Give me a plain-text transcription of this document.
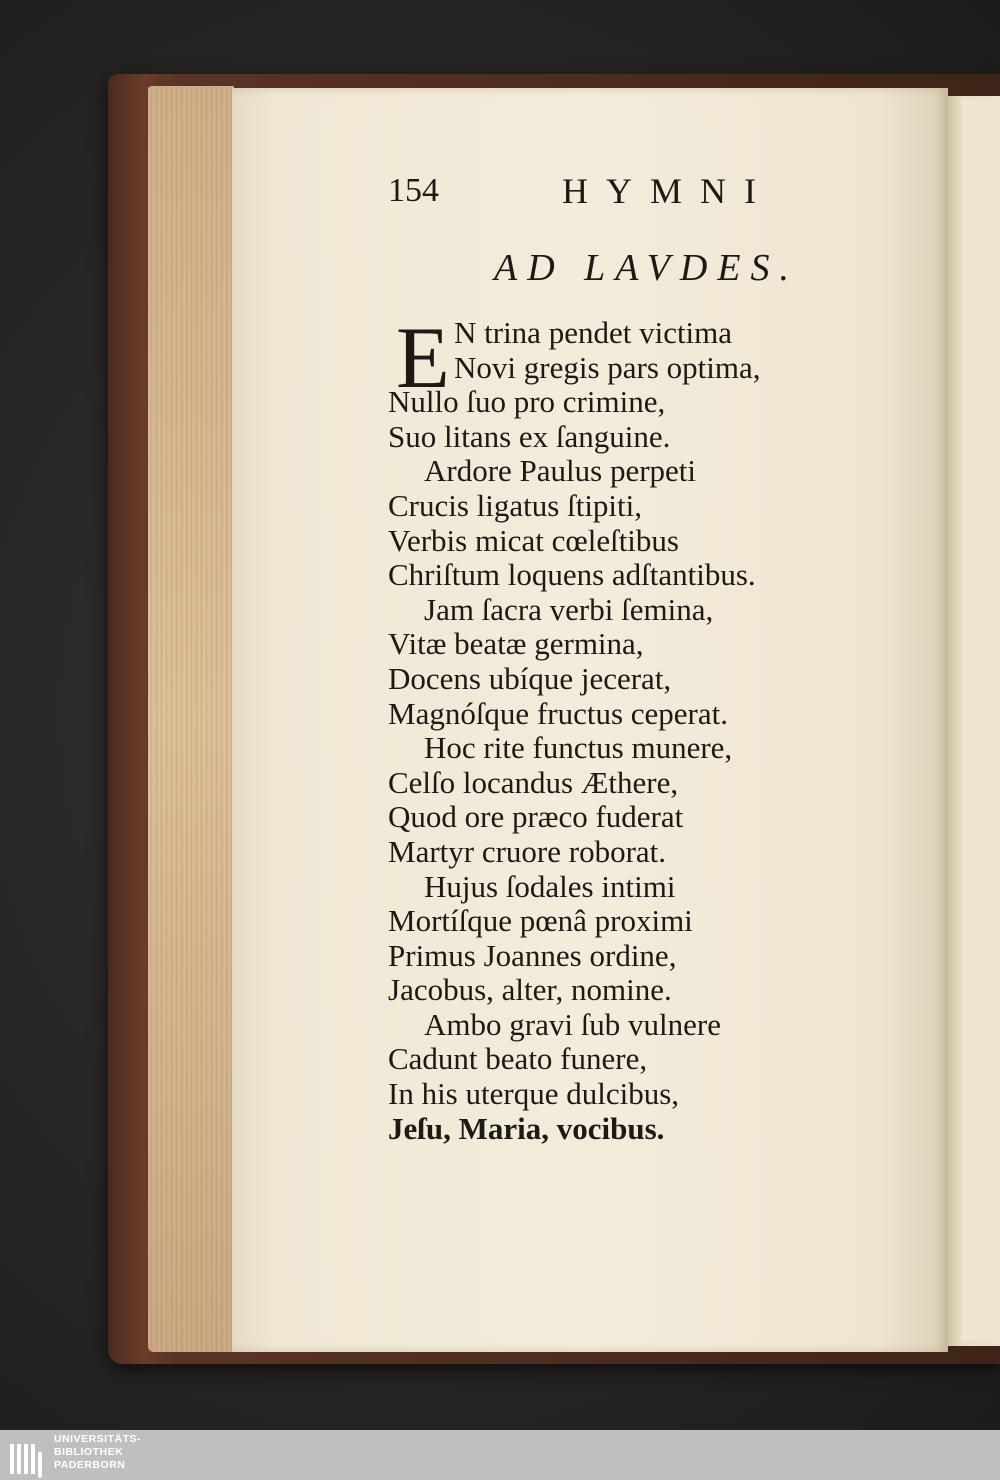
154	HYMNI
AD LAVDES.
E N trina pendet victima
Novi gregis pars optima,
Nullo ſuo pro crimine,
Suo litans ex ſanguine.
Ardore Paulus perpeti
Crucis ligatus ſtipiti,
Verbis micat cœleſtibus
Chriſtum loquens adſtantibus.
Jam ſacra verbi ſemina,
Vitæ beatæ germina,
Docens ubíque jecerat,
Magnóſque fructus ceperat.
Hoc rite functus munere,
Celſo locandus Æthere,
Quod ore præco fuderat
Martyr cruore roborat.
Hujus ſodales intimi
Mortíſque pœnâ proximi
Primus Joannes ordine,
Jacobus, alter, nomine.
Ambo gravi ſub vulnere
Cadunt beato funere,
In his uterque dulcibus,
Jeſu, Maria, vocibus.
UNIVERSITÄTS-
BIBLIOTHEK
PADERBORN
